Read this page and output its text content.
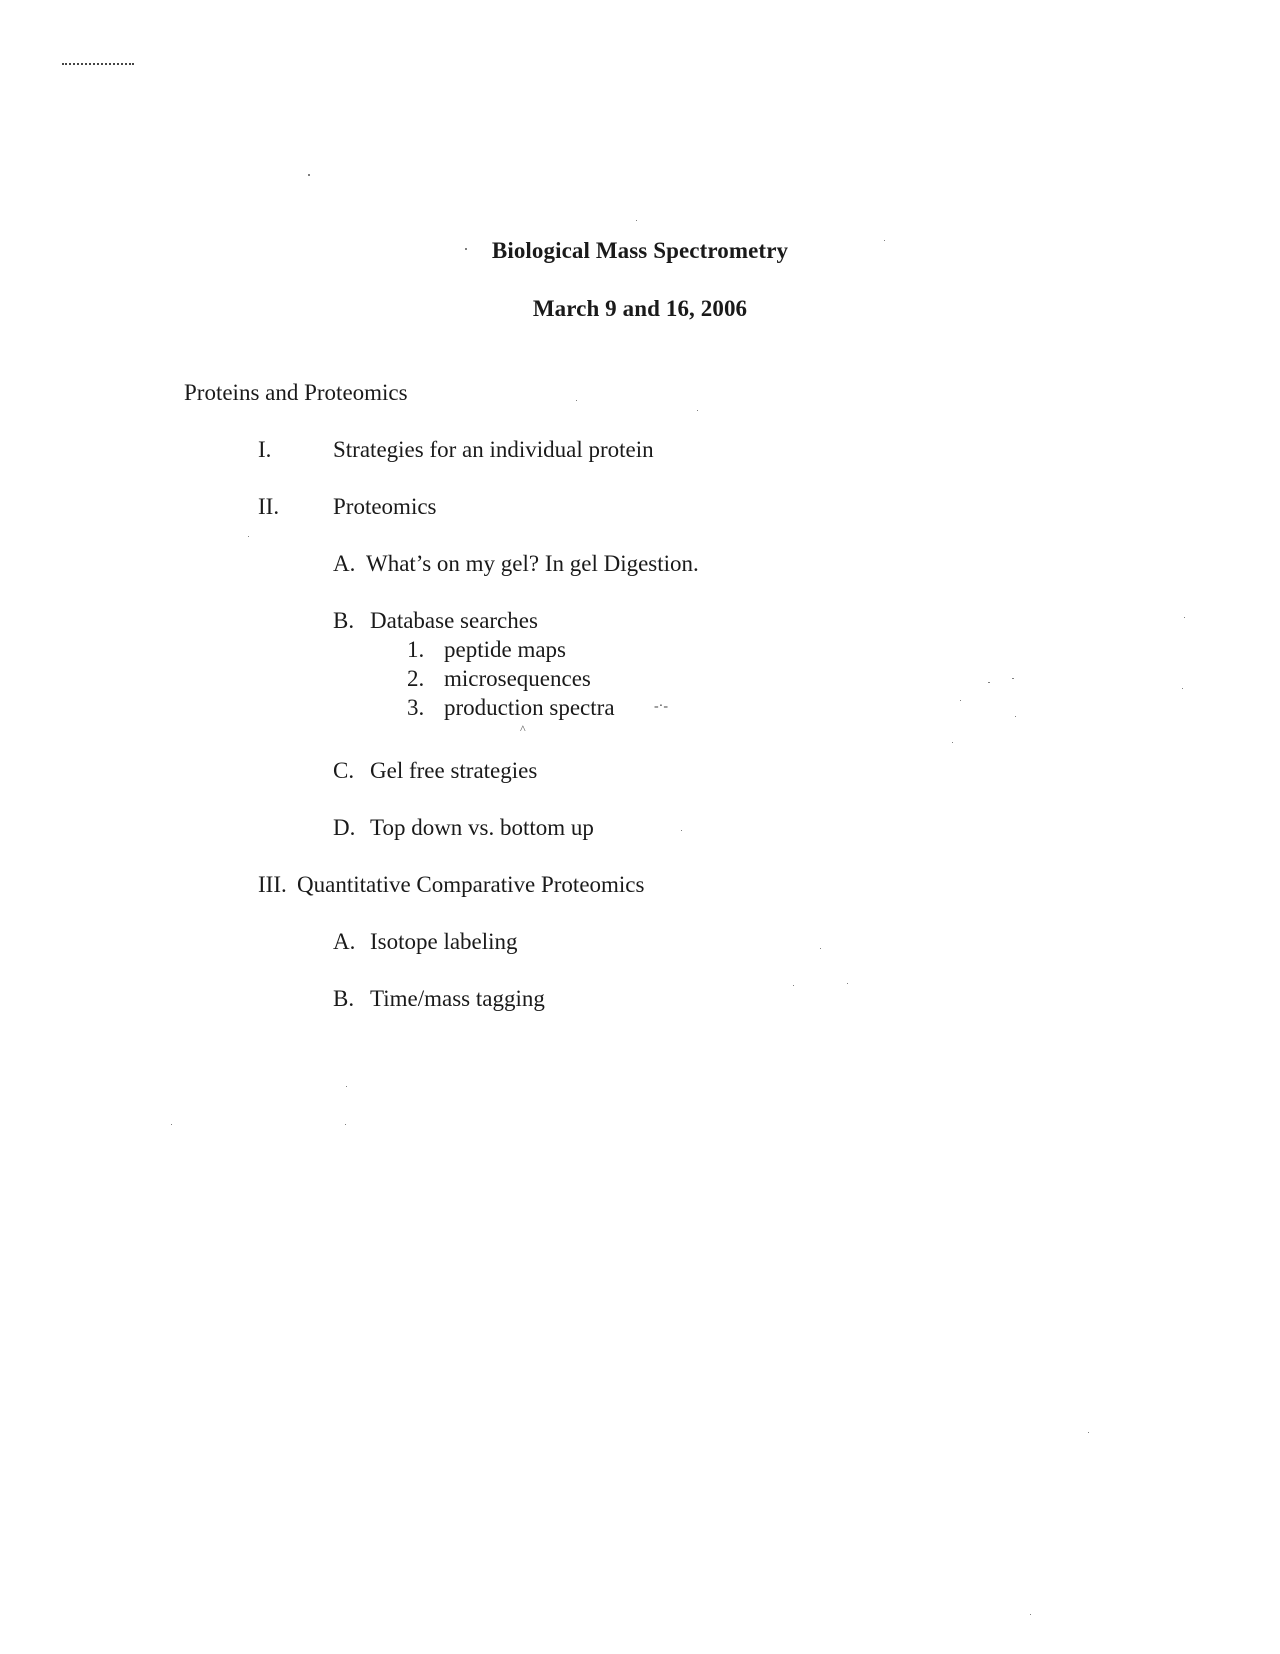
Biological Mass Spectrometry
March 9 and 16, 2006
Proteins and Proteomics
I.	Strategies for an individual protein
II. Proteomics
A. What’s on my gel? In gel Digestion.
B. Database searches
1. peptide maps
2. microsequences
3. production spectra	-·-
^
C. Gel free strategies
D. Top down vs. bottom up
III. Quantitative Comparative Proteomics
A. Isotope labeling
B. Time/mass tagging
